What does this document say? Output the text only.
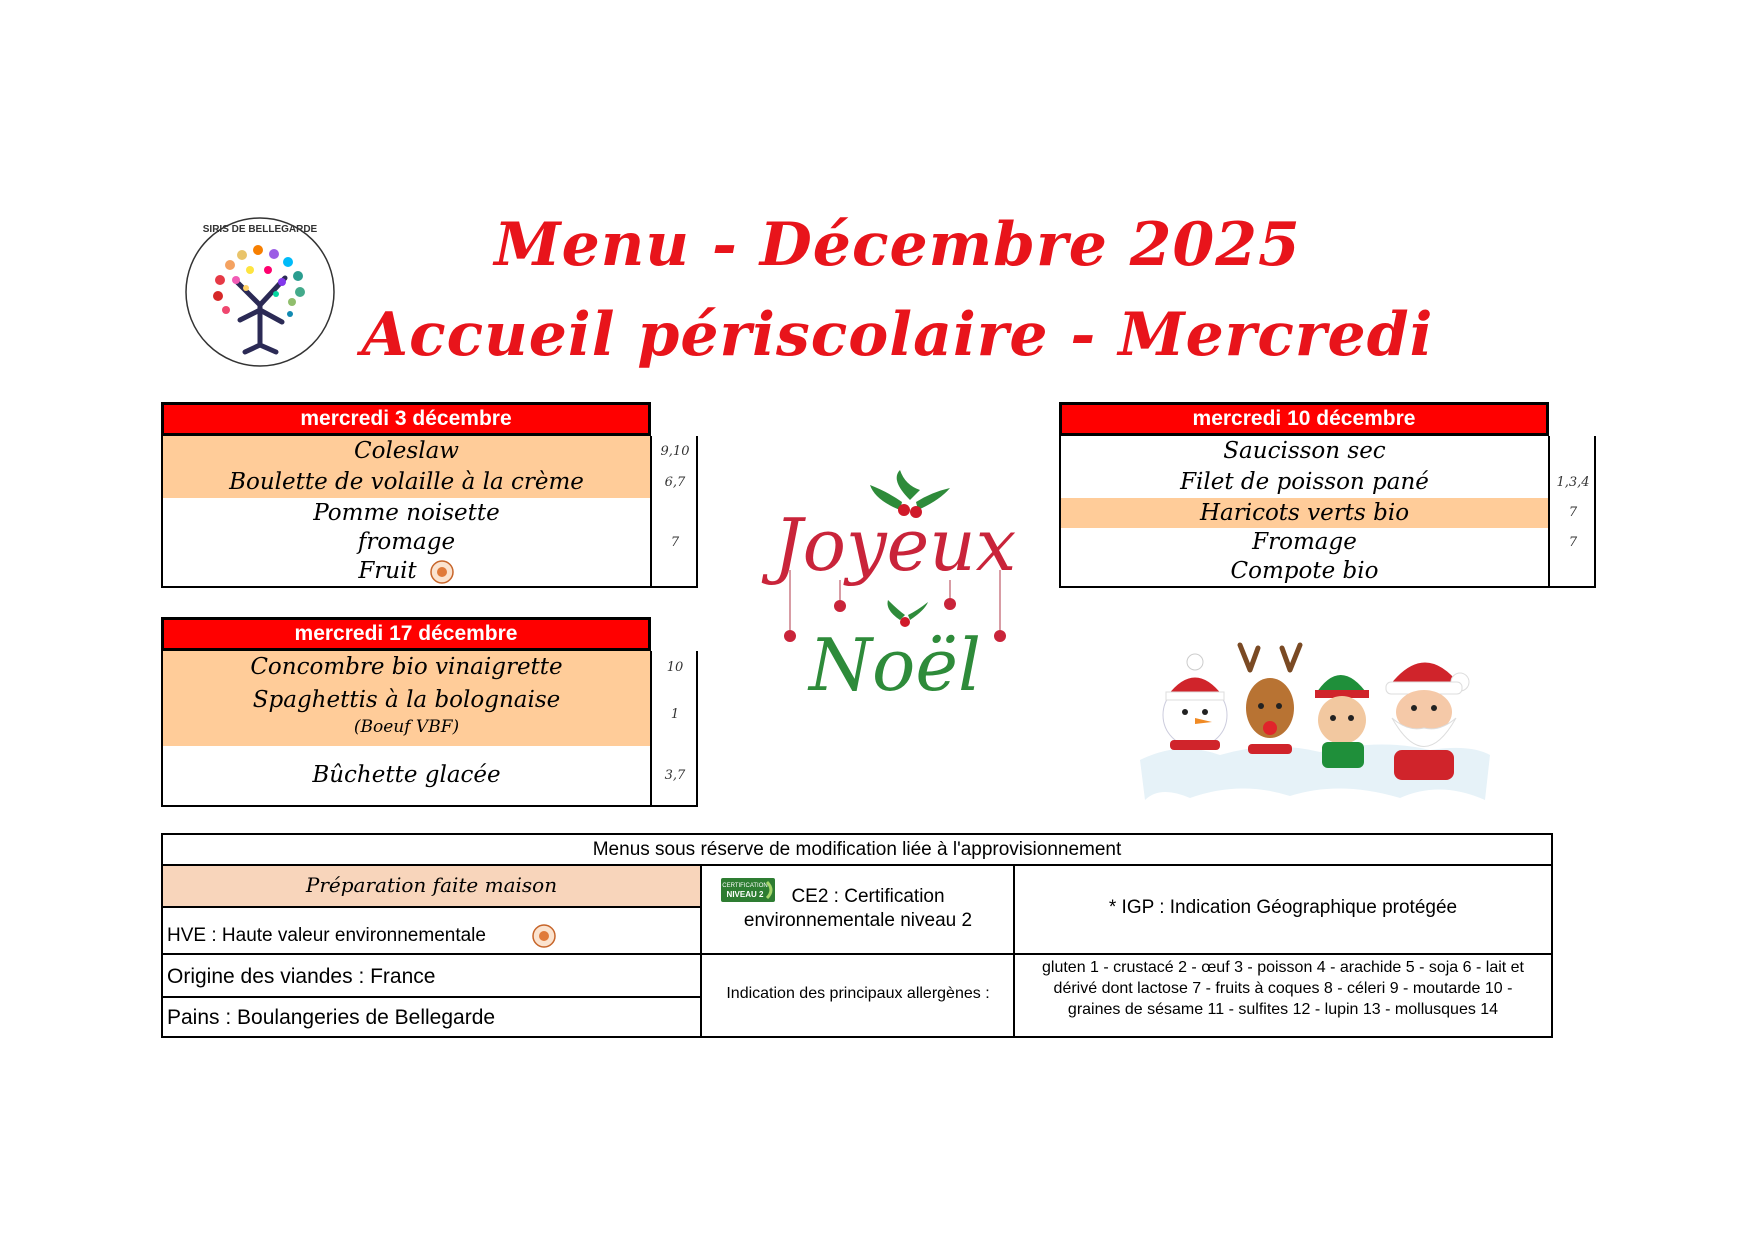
Menu - Décembre 2025
Accueil périscolaire - Mercredi
SIRIS DE BELLEGARDE
mercredi 3 décembre
Coleslaw
Boulette de volaille à la crème
Pomme noisette
fromage
Fruit
9,10
6,7
7
mercredi 10 décembre
Saucisson sec
Filet de poisson pané
Haricots verts bio
Fromage
Compote bio
1,3,4
7
7
mercredi 17 décembre
Concombre bio vinaigrette
Spaghettis à la bolognaise
(Boeuf VBF)
Bûchette glacée
10
1
3,7
Joyeux
Noël
Menus sous réserve de modification liée à l'approvisionnement
Préparation faite maison
HVE : Haute valeur environnementale
Origine des viandes : France
Pains : Boulangeries de Bellegarde
CERTIFICATION
NIVEAU 2	CE2 : Certification
environnementale niveau 2
Indication des principaux allergènes :
* IGP : Indication Géographique protégée
gluten 1 - crustacé 2 - œuf 3 - poisson 4 - arachide 5 - soja 6 - lait et
dérivé dont lactose 7 - fruits à coques 8 - céleri 9 - moutarde 10 -
graines de sésame 11 - sulfites 12 - lupin 13 - mollusques 14
